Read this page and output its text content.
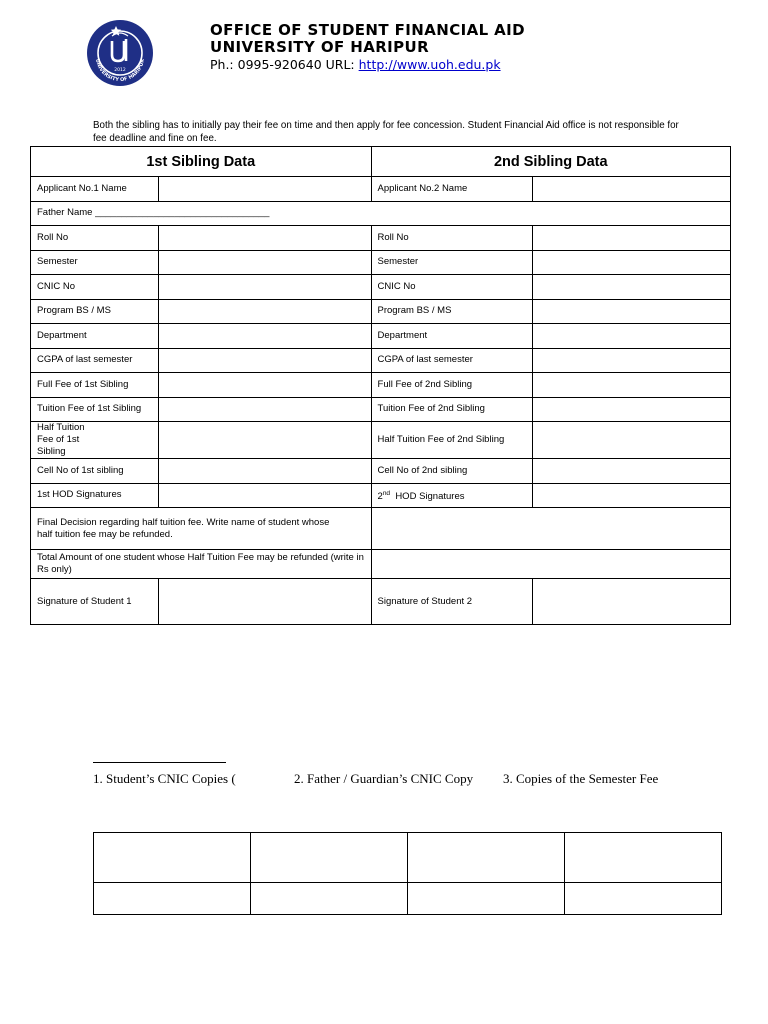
2012
UNIVERSITY OF HARIPUR
OFFICE OF STUDENT FINANCIAL AID
UNIVERSITY OF HARIPUR
Ph.: 0995-920640 URL: http://www.uoh.edu.pk
Both the sibling has to initially pay their fee on time and then apply for fee concession. Student Financial Aid office is not responsible for fee deadline and fine on fee.
1st Sibling Data		2nd Sibling Data	
Applicant No.1 Name		Applicant No.2 Name	
Father Name _________________________________			
Roll No		Roll No	
Semester		Semester	
CNIC No		CNIC No	
Program BS / MS		Program BS / MS	
Department		Department	
CGPA of last semester		CGPA of last semester	
Full Fee of 1st Sibling		Full Fee of 2nd Sibling	
Tuition Fee of 1st Sibling		Tuition Fee of 2nd Sibling	
Half Tuition Fee of 1st Sibling		Half Tuition Fee of 2nd Sibling	
Cell No of 1st sibling		Cell No of 2nd sibling	
1st HOD Signatures		2nd  HOD Signatures	
Final Decision regarding half tuition fee. Write name of student whose half tuition fee may be refunded.			
Total Amount of one student whose Half Tuition Fee may be refunded (write in Rs only)			
Signature of Student 1		Signature of Student 2	
1. Student’s CNIC Copies (	2. Father / Guardian’s CNIC Copy 3. Copies of the Semester Fee
